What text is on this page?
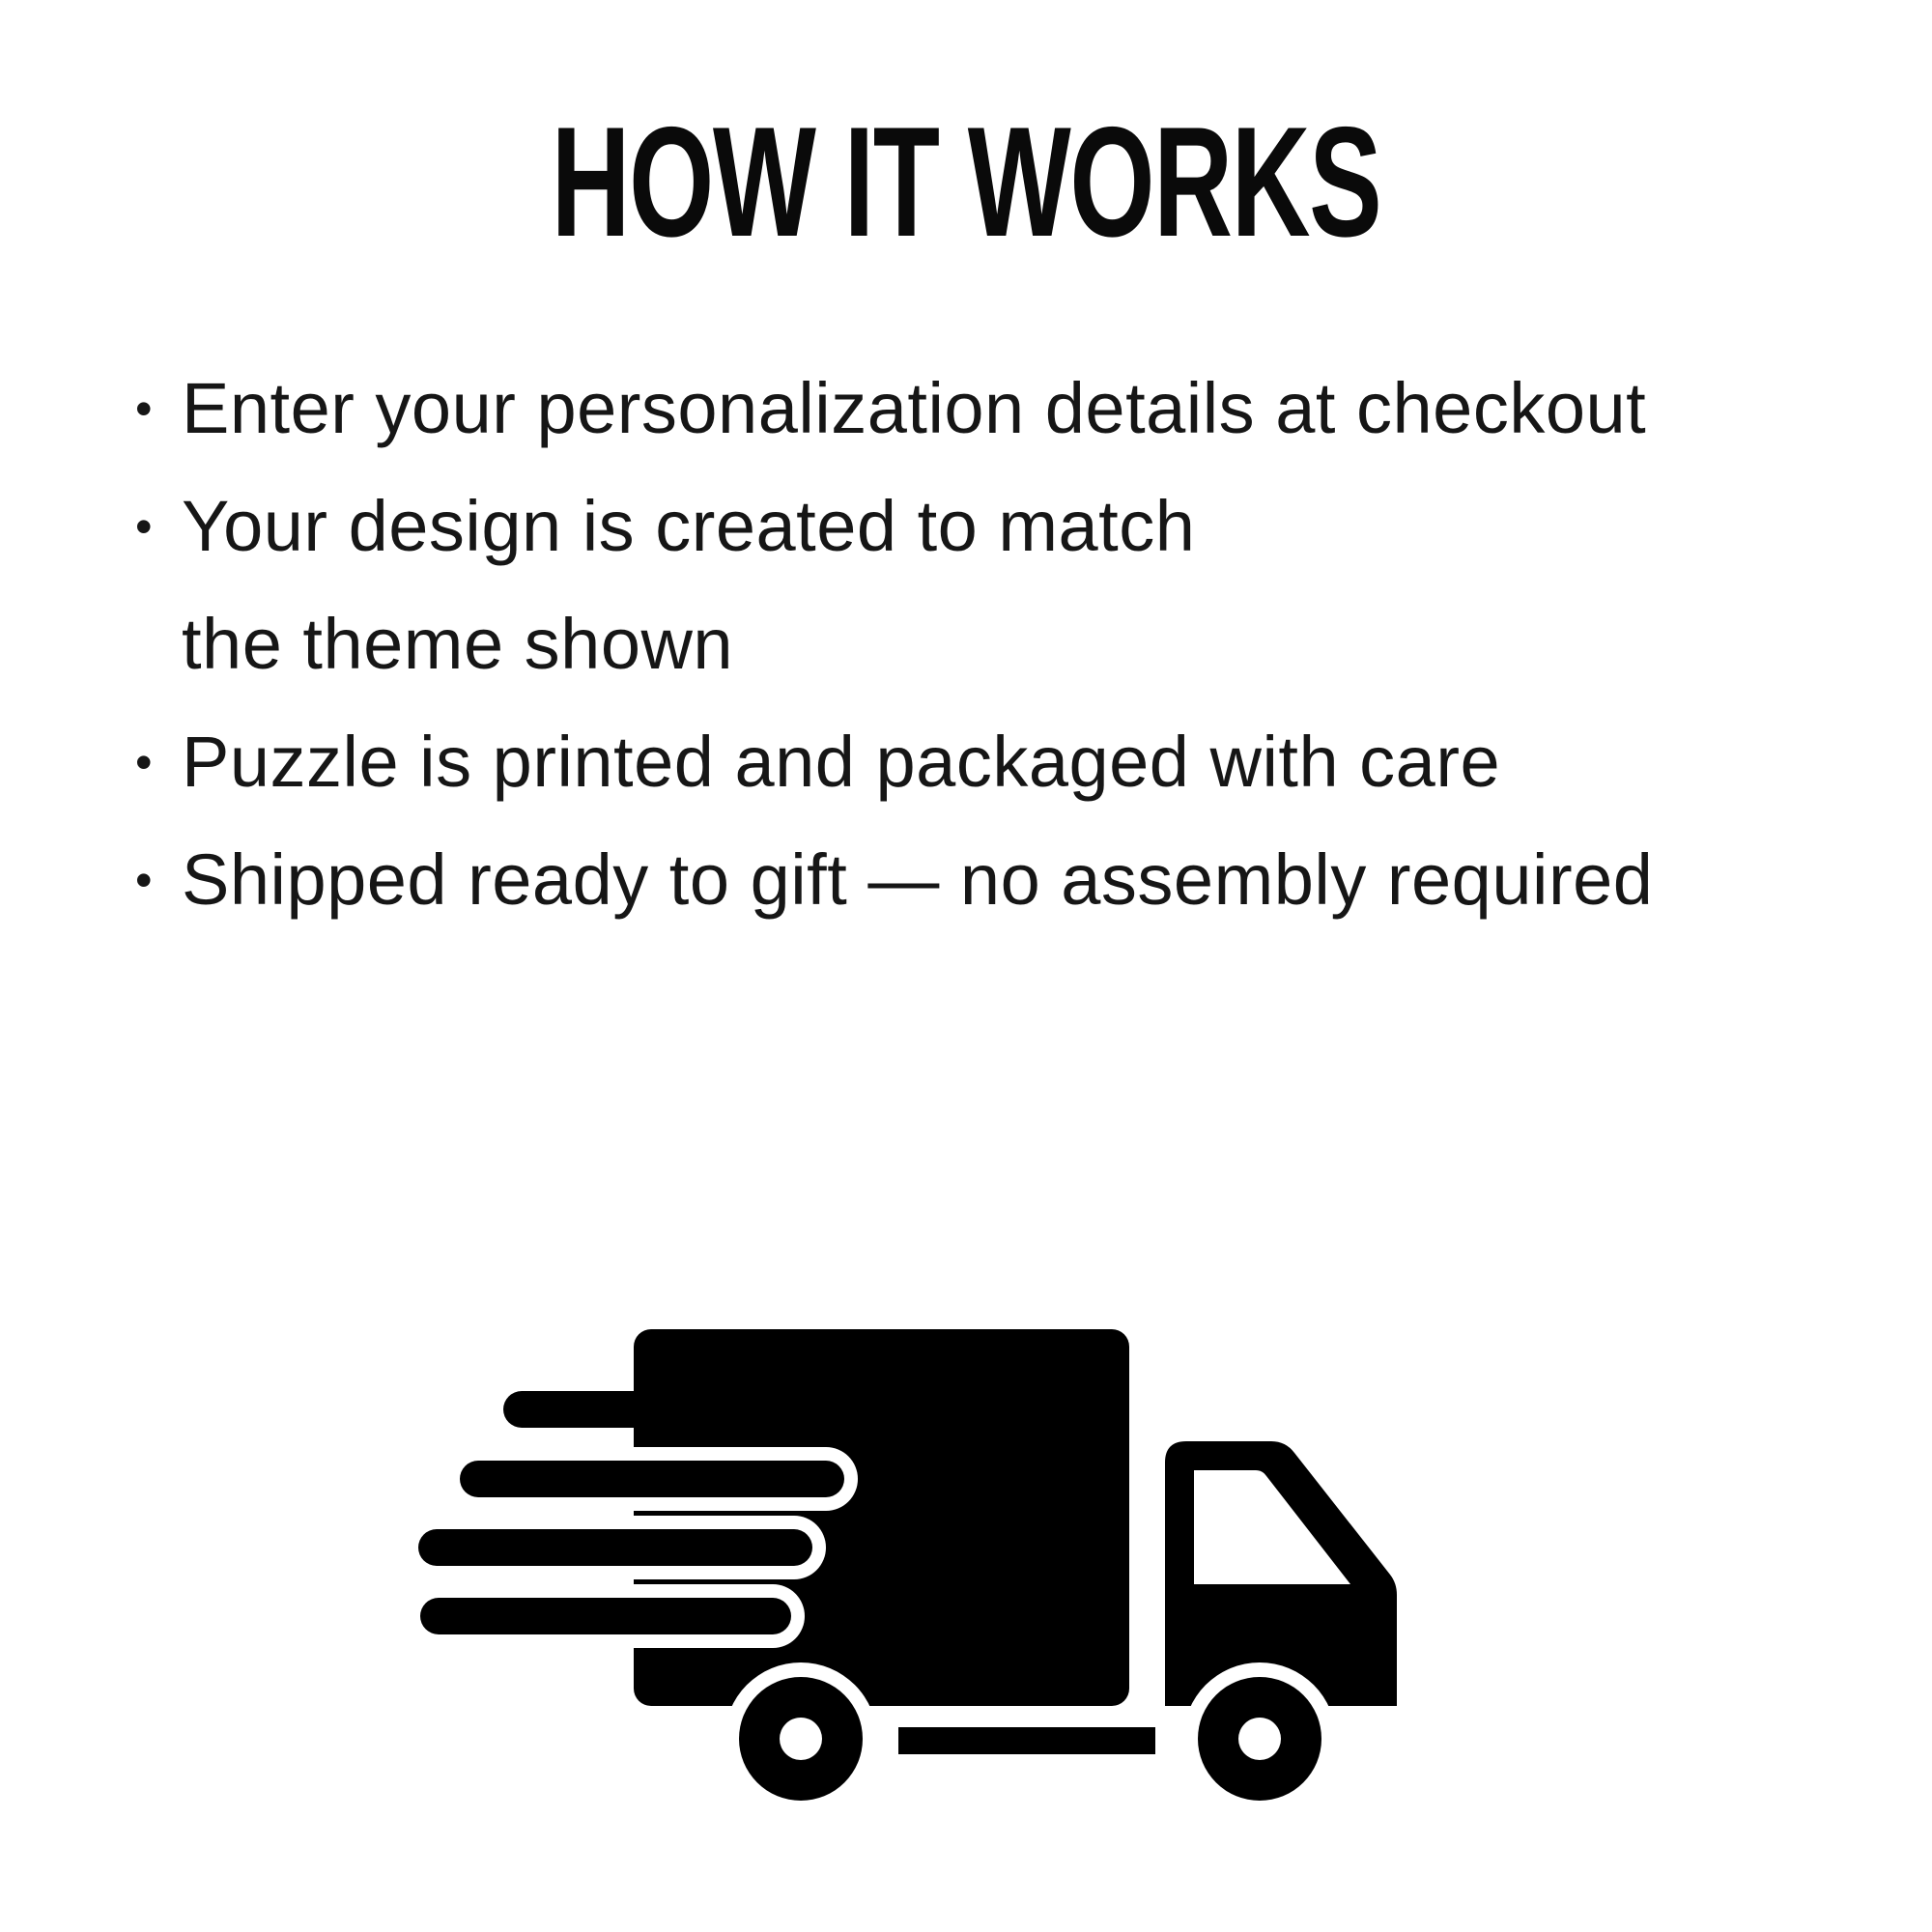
HOW IT WORKS
• Enter your personalization details at checkout
• Your design is created to match
the theme shown
• Puzzle is printed and packaged with care
• Shipped ready to gift — no assembly required
